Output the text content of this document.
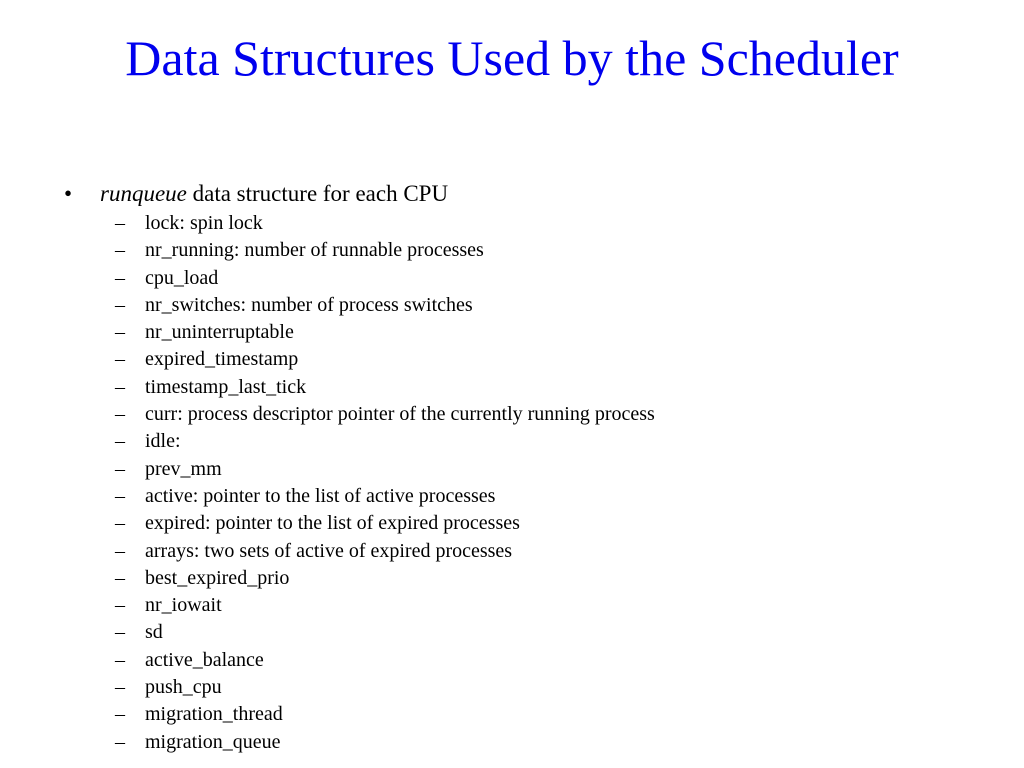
Data Structures Used by the Scheduler
• runqueue data structure for each CPU
– lock: spin lock
– nr_running: number of runnable processes
– cpu_load
– nr_switches: number of process switches
– nr_uninterruptable
– expired_timestamp
– timestamp_last_tick
– curr: process descriptor pointer of the currently running process
– idle:
– prev_mm
– active: pointer to the list of active processes
– expired: pointer to the list of expired processes
– arrays: two sets of active of expired processes
– best_expired_prio
– nr_iowait
– sd
– active_balance
– push_cpu
– migration_thread
– migration_queue
